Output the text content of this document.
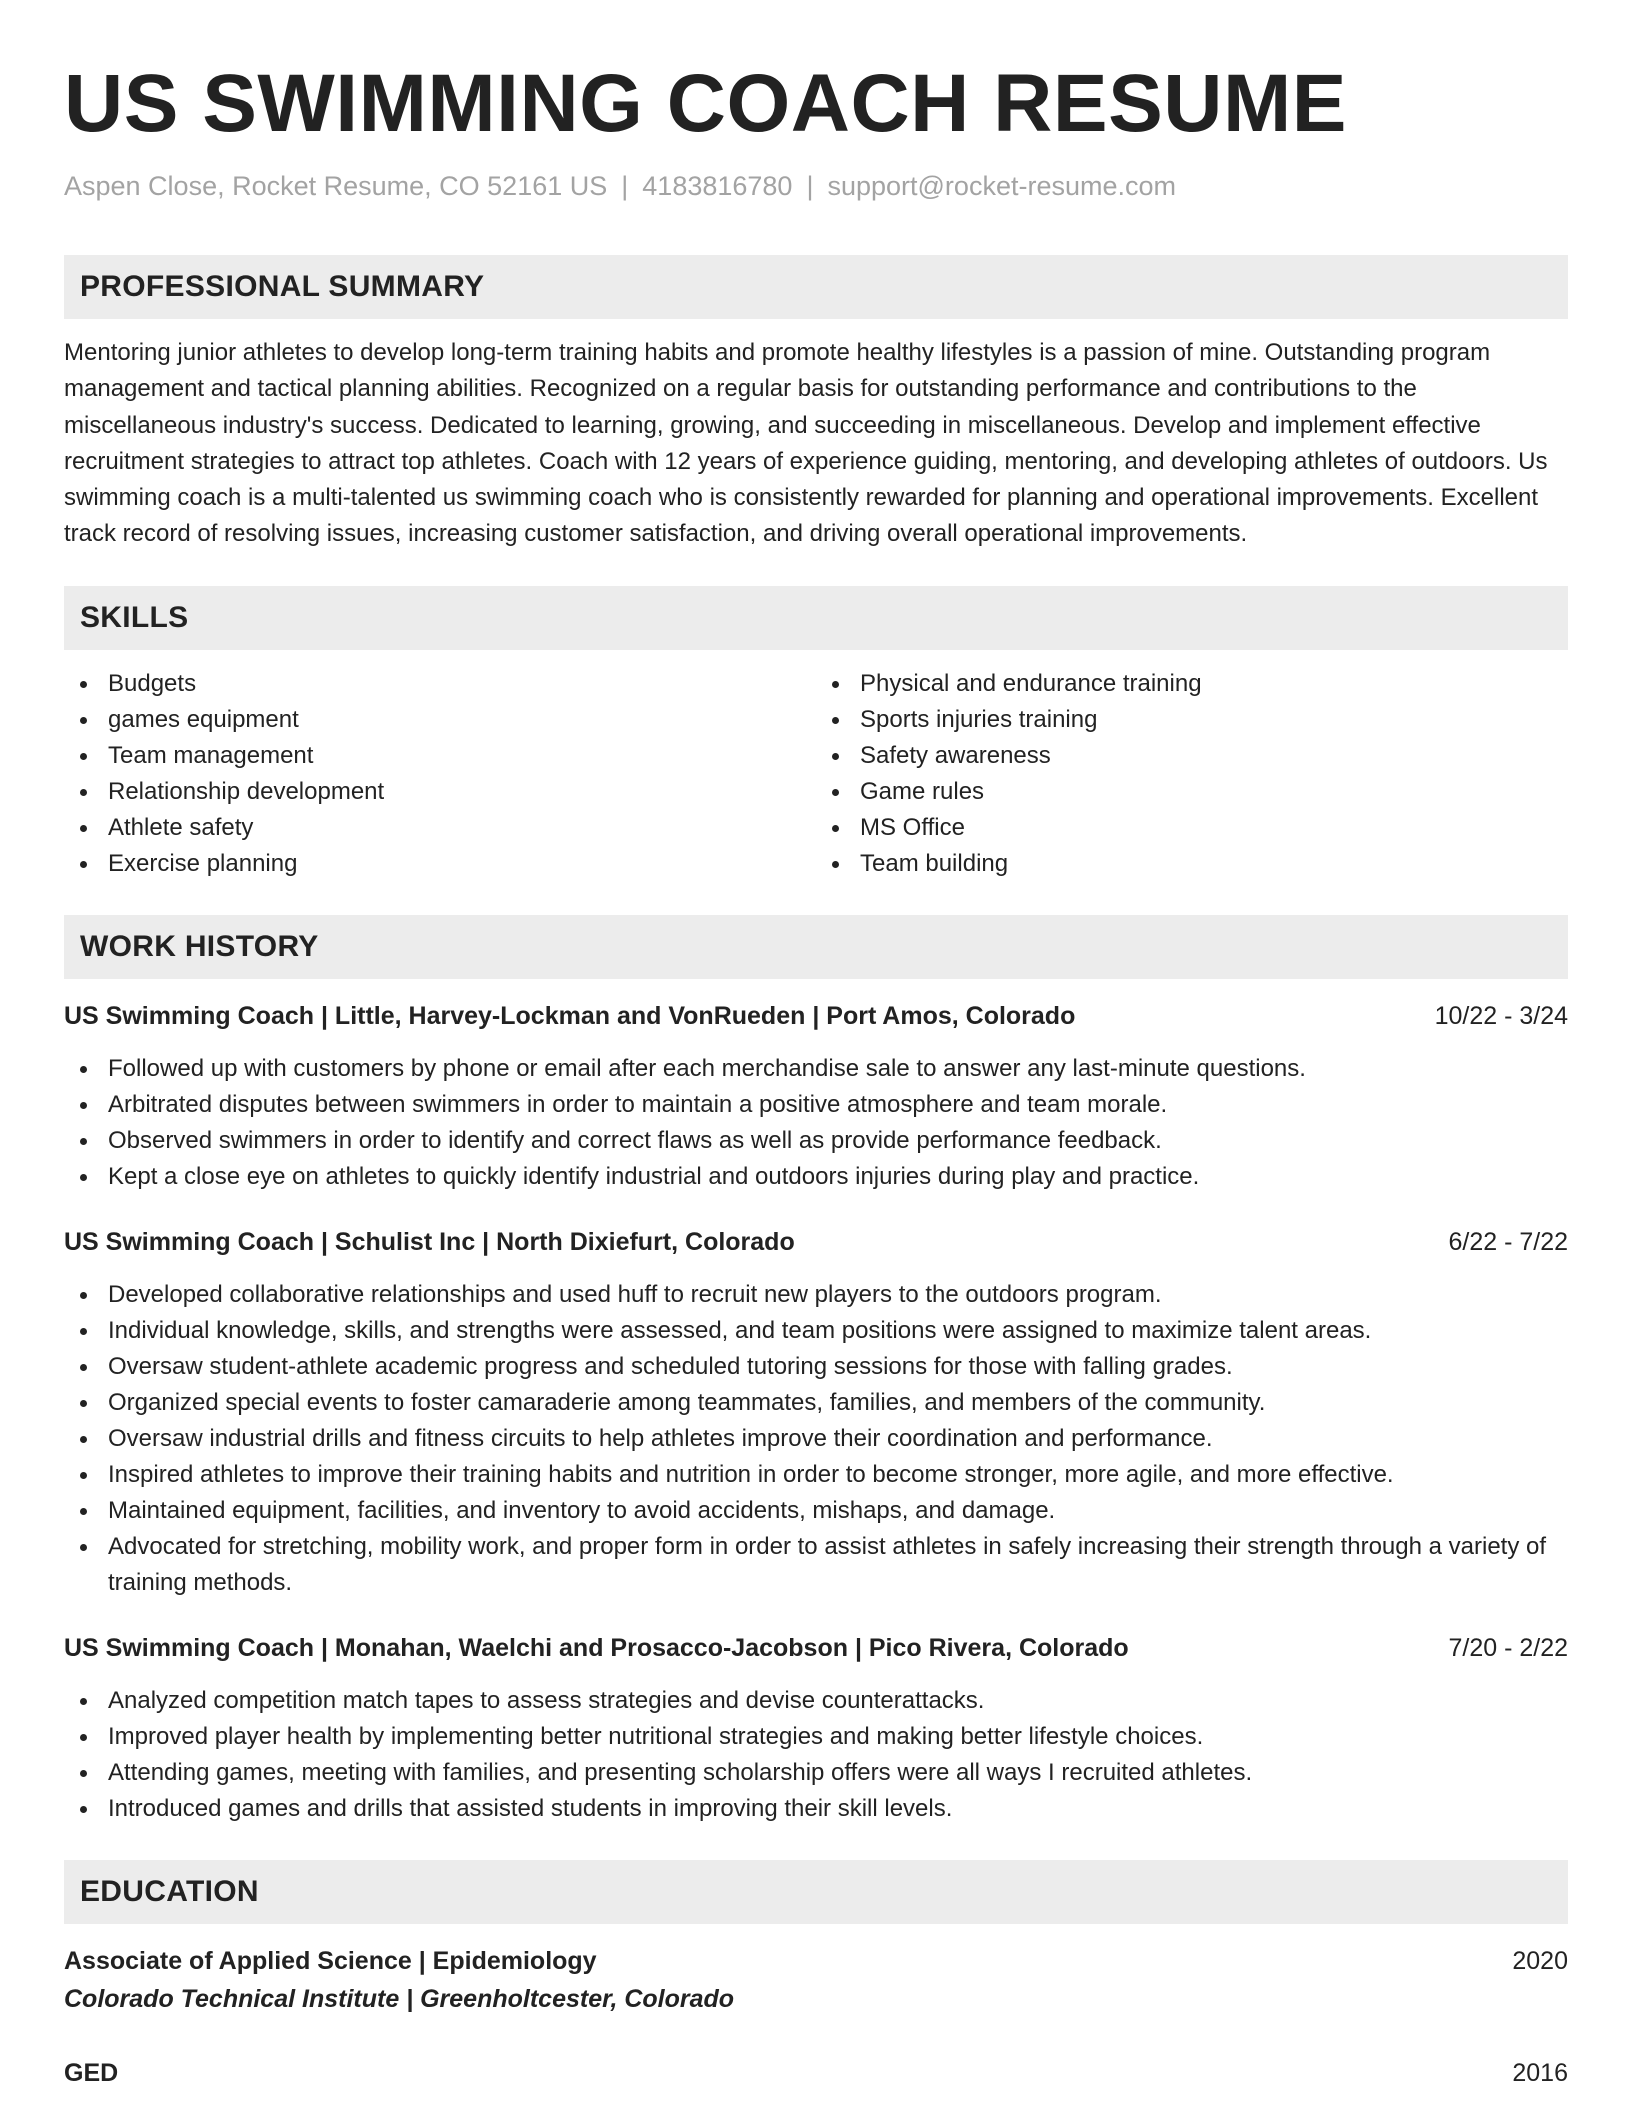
US SWIMMING COACH RESUME
Aspen Close, Rocket Resume, CO 52161 US | 4183816780 | support@rocket-resume.com
PROFESSIONAL SUMMARY

Mentoring junior athletes to develop long-term training habits and promote healthy lifestyles is a passion of mine. Outstanding program management and tactical planning abilities. Recognized on a regular basis for outstanding performance and contributions to the miscellaneous industry's success. Dedicated to learning, growing, and succeeding in miscellaneous. Develop and implement effective recruitment strategies to attract top athletes. Coach with 12 years of experience guiding, mentoring, and developing athletes of outdoors. Us swimming coach is a multi-talented us swimming coach who is consistently rewarded for planning and operational improvements. Excellent track record of resolving issues, increasing customer satisfaction, and driving overall operational improvements.

SKILLS
Budgets
games equipment
Team management
Relationship development
Athlete safety
Exercise planning
Physical and endurance training
Sports injuries training
Safety awareness
Game rules
MS Office
Team building
WORK HISTORY
US Swimming Coach | Little, Harvey-Lockman and VonRueden | Port Amos, Colorado	10/22 - 3/24
Followed up with customers by phone or email after each merchandise sale to answer any last-minute questions.
Arbitrated disputes between swimmers in order to maintain a positive atmosphere and team morale.
Observed swimmers in order to identify and correct flaws as well as provide performance feedback.
Kept a close eye on athletes to quickly identify industrial and outdoors injuries during play and practice.
US Swimming Coach | Schulist Inc | North Dixiefurt, Colorado	6/22 - 7/22
Developed collaborative relationships and used huff to recruit new players to the outdoors program.
Individual knowledge, skills, and strengths were assessed, and team positions were assigned to maximize talent areas.
Oversaw student-athlete academic progress and scheduled tutoring sessions for those with falling grades.
Organized special events to foster camaraderie among teammates, families, and members of the community.
Oversaw industrial drills and fitness circuits to help athletes improve their coordination and performance.
Inspired athletes to improve their training habits and nutrition in order to become stronger, more agile, and more effective.
Maintained equipment, facilities, and inventory to avoid accidents, mishaps, and damage.
Advocated for stretching, mobility work, and proper form in order to assist athletes in safely increasing their strength through a variety of training methods.
US Swimming Coach | Monahan, Waelchi and Prosacco-Jacobson | Pico Rivera, Colorado	7/20 - 2/22
Analyzed competition match tapes to assess strategies and devise counterattacks.
Improved player health by implementing better nutritional strategies and making better lifestyle choices.
Attending games, meeting with families, and presenting scholarship offers were all ways I recruited athletes.
Introduced games and drills that assisted students in improving their skill levels.
EDUCATION
Associate of Applied Science | Epidemiology	2020
Colorado Technical Institute | Greenholtcester, Colorado
GED	2016
